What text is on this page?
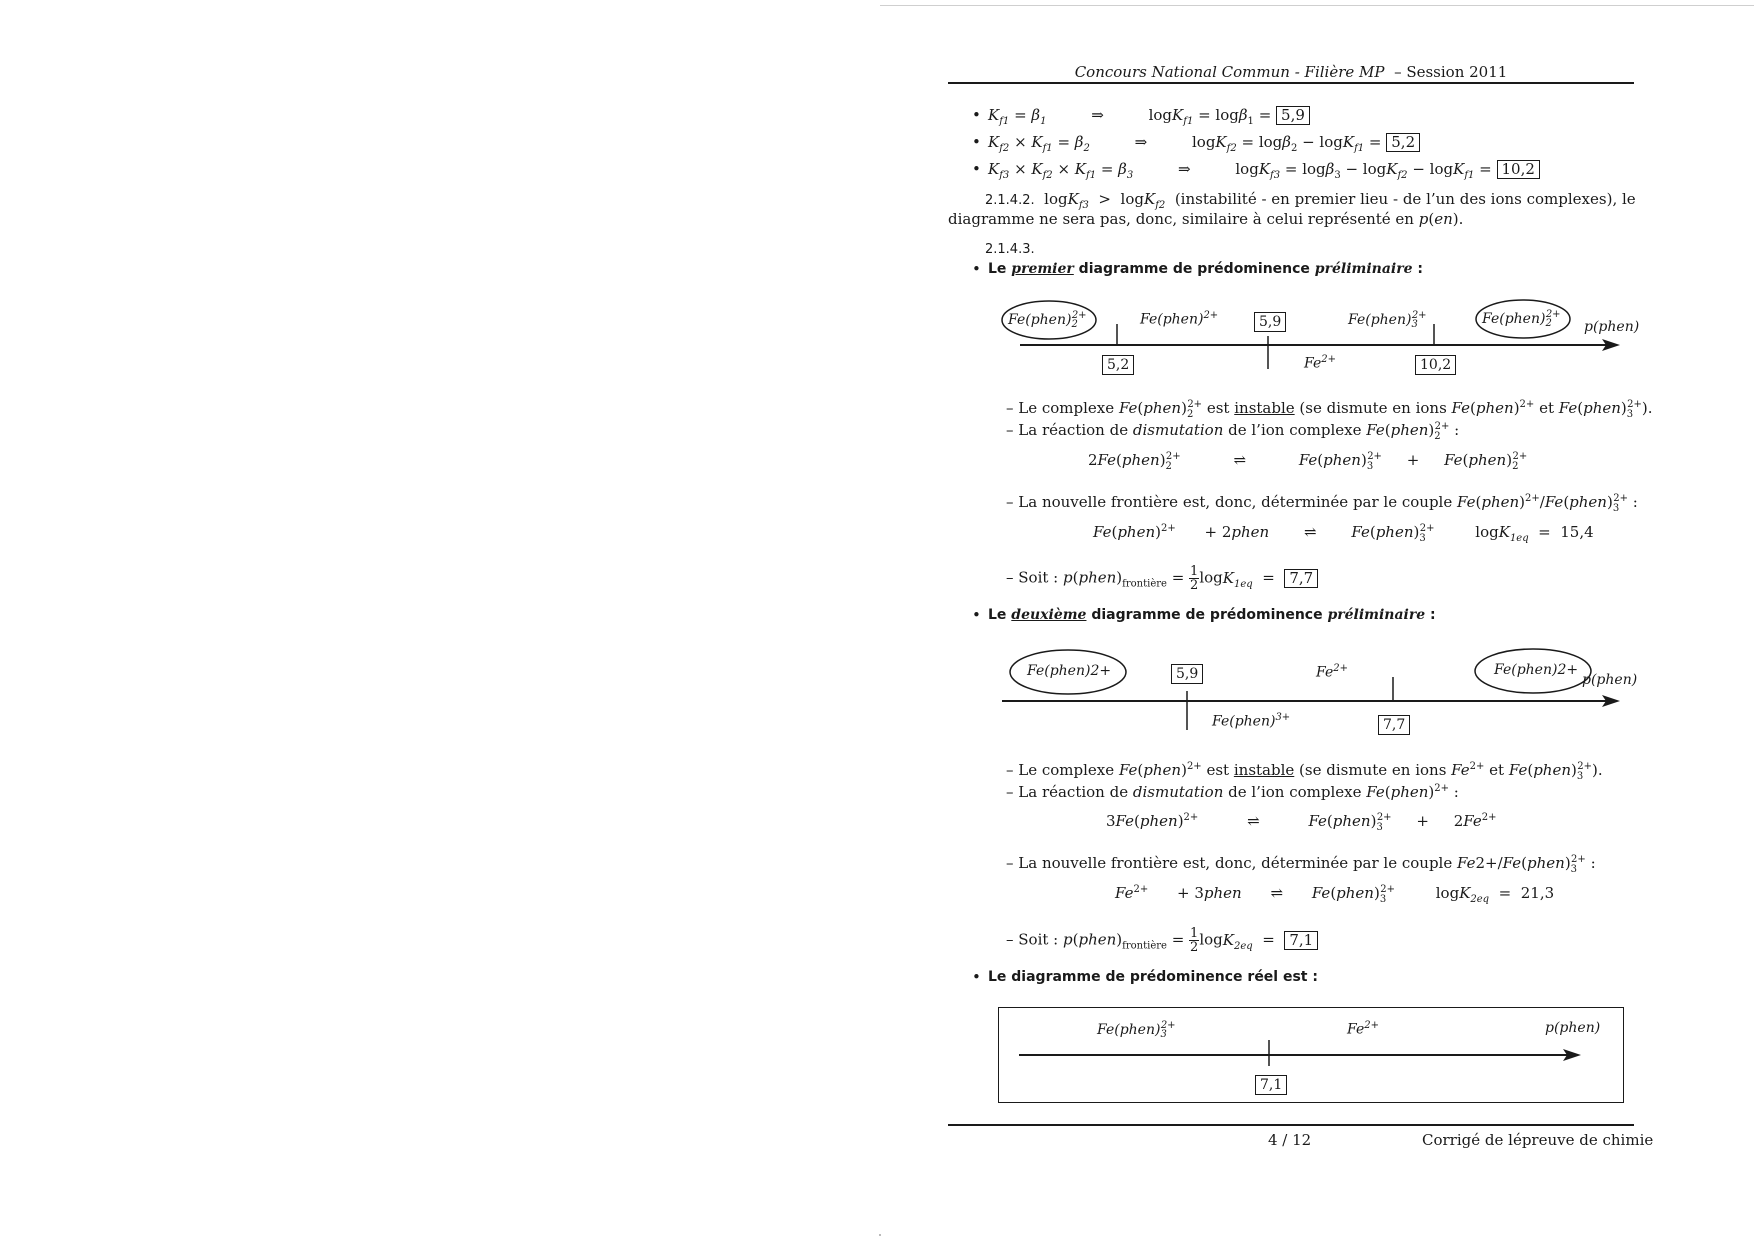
Concours National Commun - Filière MP – Session 2011
• $K_{f1} = \beta_1$	⇒	logK$_{f1}$ = logβ$_1$ = 5,9
• $K_{f2} \times K_{f1} = \beta_2$	⇒	logK$_{f2}$ = logβ$_2$ − logK$_{f1}$ = 5,2
• $K_{f3} \times K_{f2} \times K_{f1} = \beta_3$	⇒	logK$_{f3}$ = logβ$_3$ − logK$_{f2}$ − logK$_{f1}$ = 10,2
2.1.4.2.  logK$_{f3}$  >  logK$_{f2}$ (instabilité - en premier lieu - de l’un des ions complexes), le
diagramme ne sera pas, donc, similaire à celui représenté en p(en).
2.1.4.3.
• Le premier diagramme de prédominence préliminaire :
$Fe(phen)_2^{2+}$	Fe(phen)$^{2+}$	5,9	$Fe(phen)_3^{2+}$	$Fe(phen)_2^{2+}$
p(phen)
5,2	$Fe^{2+}$	10,2
– Le complexe $Fe(phen)_2^{2+}$ est instable (se dismute en ions Fe(phen)$^{2+}$ et $Fe(phen)_3^{2+}$).
– La réaction de dismutation de l’ion complexe $Fe(phen)_2^{2+}$ :
$2Fe(phen)_2^{2+}$	⇌	$Fe(phen)_3^{2+}$ + $Fe(phen)_2^{2+}$
– La nouvelle frontière est, donc, déterminée par le couple $Fe(phen)^{2+}/Fe(phen)_3^{2+}$ :
Fe(phen)$^{2+}$ + 2phen ⇌ $Fe(phen)_3^{2+}$	logK$_{1eq}$  =  15,4
– Soit : $p(phen)_{frontière} = \frac{1}{2} \log K_{1eq} = 7,7$
• Le deuxième diagramme de prédominence préliminaire :
Fe(phen)2+	5,9	$Fe^{2+}$	Fe(phen)2+
p(phen)
Fe(phen)$^{3+}$	7,7
– Le complexe Fe(phen)$^{2+}$ est instable (se dismute en ions $Fe^{2+}$ et $Fe(phen)_3^{2+}$).
– La réaction de dismutation de l’ion complexe Fe(phen)$^{2+}$ :
3Fe(phen)$^{2+}$	⇌	$Fe(phen)_3^{2+} + 2Fe^{2+}$
– La nouvelle frontière est, donc, déterminée par le couple $Fe2+/Fe(phen)_3^{2+}$ :
$Fe^{2+}$ + 3phen ⇌ $Fe(phen)_3^{2+}$	logK$_{2eq}$  =  21,3
– Soit : $p(phen)_{frontière} = \frac{1}{2} \log K_{2eq} = 7,1$
• Le diagramme de prédominence réel est :
$Fe(phen)_3^{2+}$	$Fe^{2+}$	p(phen)
7,1
4 / 12	Corrigé de lépreuve de chimie
